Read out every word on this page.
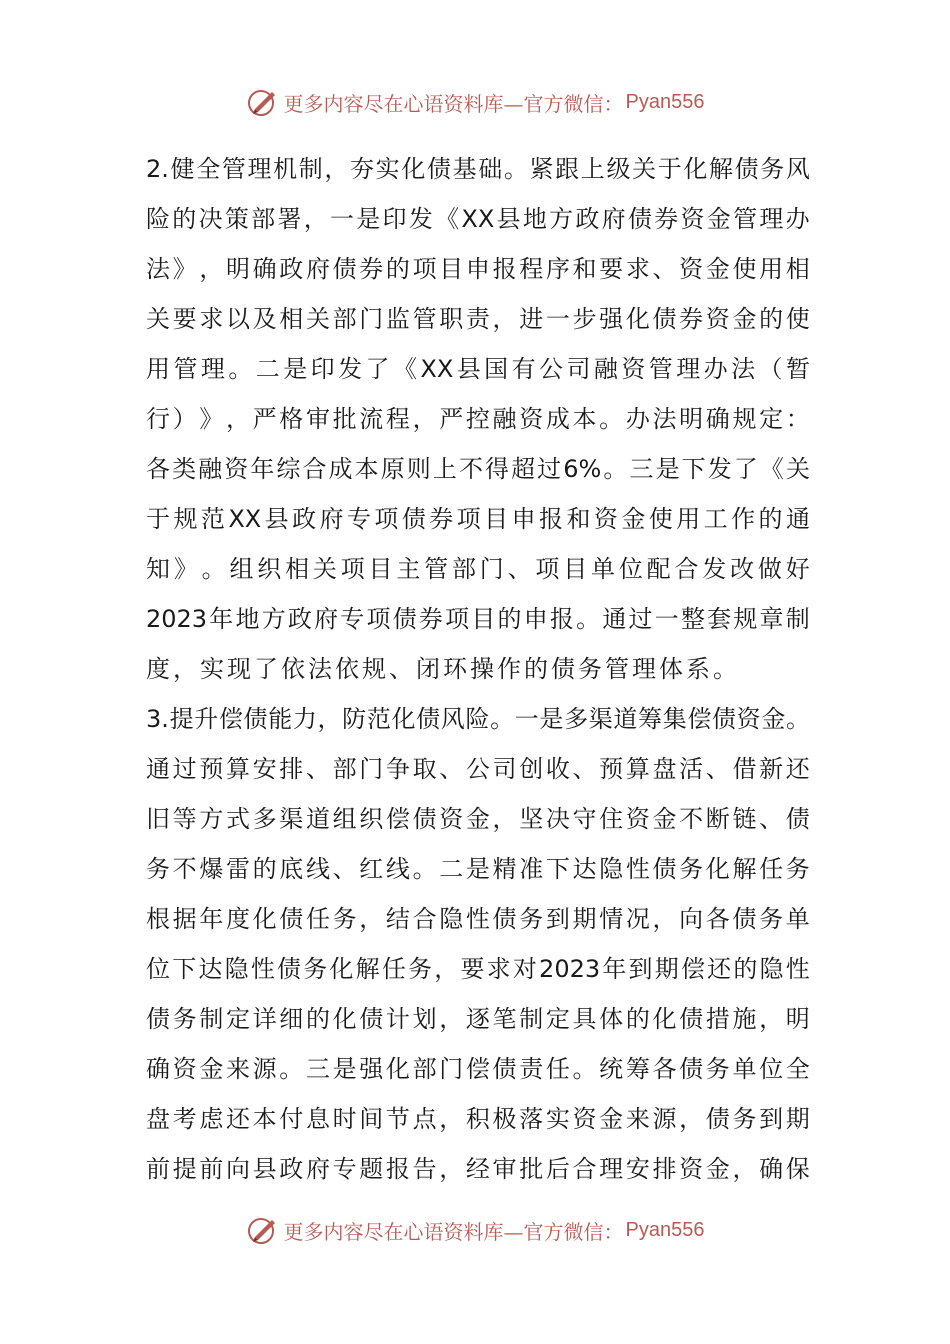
更多内容尽在心语资料库—官方微信： Pyan556
2. 健 全 管 理 机 制 ， 夯 实 化 债 基 础 。 紧 跟 上 级 关 于 化 解 债 务 风
险 的 决 策 部 署 ， 一 是 印 发 《 XX 县 地 方 政 府 债 券 资 金 管 理 办
法 》 ， 明 确 政 府 债 券 的 项 目 申 报 程 序 和 要 求 、 资 金 使 用 相
关 要 求 以 及 相 关 部 门 监 管 职 责 ， 进 一 步 强 化 债 券 资 金 的 使
用 管 理 。 二 是 印 发 了 《 XX 县 国 有 公 司 融 资 管 理 办 法 （ 暂
行 ） 》 ， 严 格 审 批 流 程 ， 严 控 融 资 成 本 。 办 法 明 确 规 定 ：
各 类 融 资 年 综 合 成 本 原 则 上 不 得 超 过 6% 。 三 是 下 发 了 《 关
于 规 范 XX 县 政 府 专 项 债 券 项 目 申 报 和 资 金 使 用 工 作 的 通
知 》 。 组 织 相 关 项 目 主 管 部 门 、 项 目 单 位 配 合 发 改 做 好
2023 年 地 方 政 府 专 项 债 券 项 目 的 申 报 。 通 过 一 整 套 规 章 制
度，实现了依法依规、闭环操作的债务管理体系。
3. 提 升 偿 债 能 力 ， 防 范 化 债 风 险 。 一 是 多 渠 道 筹 集 偿 债 资 金 。
通 过 预 算 安 排 、 部 门 争 取 、 公 司 创 收 、 预 算 盘 活 、 借 新 还
旧 等 方 式 多 渠 道 组 织 偿 债 资 金 ， 坚 决 守 住 资 金 不 断 链 、 债
务 不 爆 雷 的 底 线 、 红 线 。 二 是 精 准 下 达 隐 性 债 务 化 解 任 务
根 据 年 度 化 债 任 务 ， 结 合 隐 性 债 务 到 期 情 况 ， 向 各 债 务 单
位 下 达 隐 性 债 务 化 解 任 务 ， 要 求 对 2023 年 到 期 偿 还 的 隐 性
债 务 制 定 详 细 的 化 债 计 划 ， 逐 笔 制 定 具 体 的 化 债 措 施 ， 明
确 资 金 来 源 。 三 是 强 化 部 门 偿 债 责 任 。 统 筹 各 债 务 单 位 全
盘 考 虑 还 本 付 息 时 间 节 点 ， 积 极 落 实 资 金 来 源 ， 债 务 到 期
前 提 前 向 县 政 府 专 题 报 告 ， 经 审 批 后 合 理 安 排 资 金 ， 确 保
更多内容尽在心语资料库—官方微信： Pyan556
